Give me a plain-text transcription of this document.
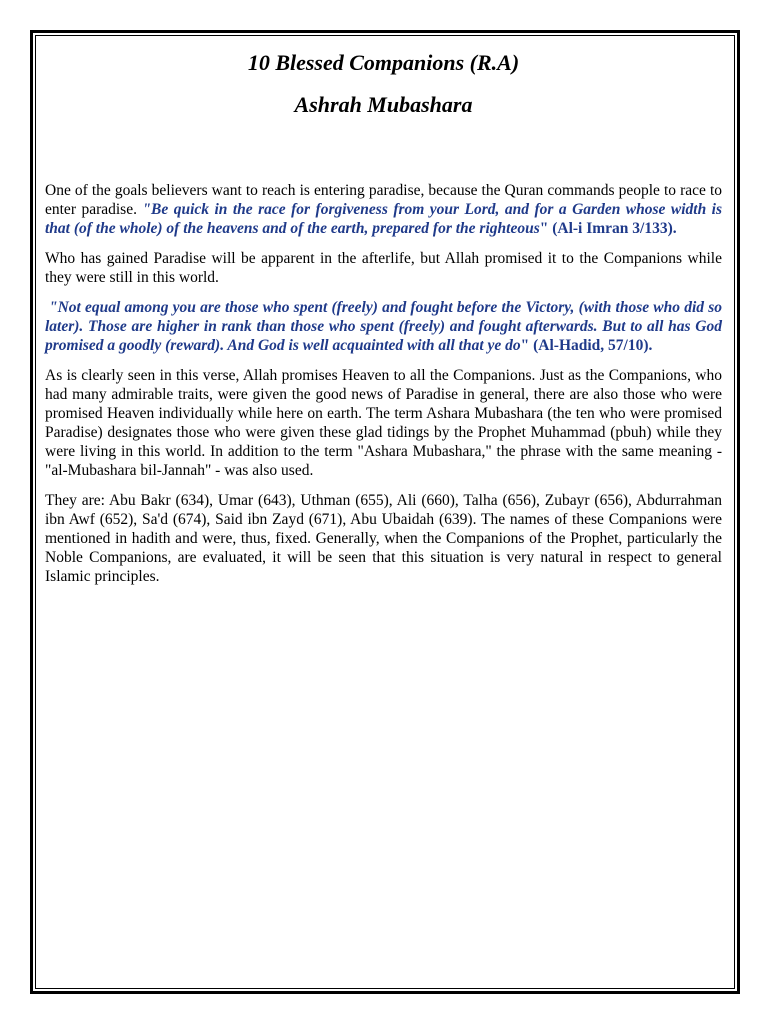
10 Blessed Companions (R.A)
Ashrah Mubashara

One of the goals believers want to reach is entering paradise, because the Quran commands people to race to enter paradise. "Be quick in the race for forgiveness from your Lord, and for a Garden whose width is that (of the whole) of the heavens and of the earth, prepared for the righteous" (Al-i Imran 3/133).

Who has gained Paradise will be apparent in the afterlife, but Allah promised it to the Companions while they were still in this world.

"Not equal among you are those who spent (freely) and fought before the Victory, (with those who did so later). Those are higher in rank than those who spent (freely) and fought afterwards. But to all has God promised a goodly (reward). And God is well acquainted with all that ye do" (Al-Hadid, 57/10).

As is clearly seen in this verse, Allah promises Heaven to all the Companions. Just as the Companions, who had many admirable traits, were given the good news of Paradise in general, there are also those who were promised Heaven individually while here on earth. The term Ashara Mubashara (the ten who were promised Paradise) designates those who were given these glad tidings by the Prophet Muhammad (pbuh) while they were living in this world. In addition to the term "Ashara Mubashara," the phrase with the same meaning - "al-Mubashara bil-Jannah" - was also used.

They are: Abu Bakr (634), Umar (643), Uthman (655), Ali (660), Talha (656), Zubayr (656), Abdurrahman ibn Awf (652), Sa'd (674), Said ibn Zayd (671), Abu Ubaidah (639). The names of these Companions were mentioned in hadith and were, thus, fixed. Generally, when the Companions of the Prophet, particularly the Noble Companions, are evaluated, it will be seen that this situation is very natural in respect to general Islamic principles.
